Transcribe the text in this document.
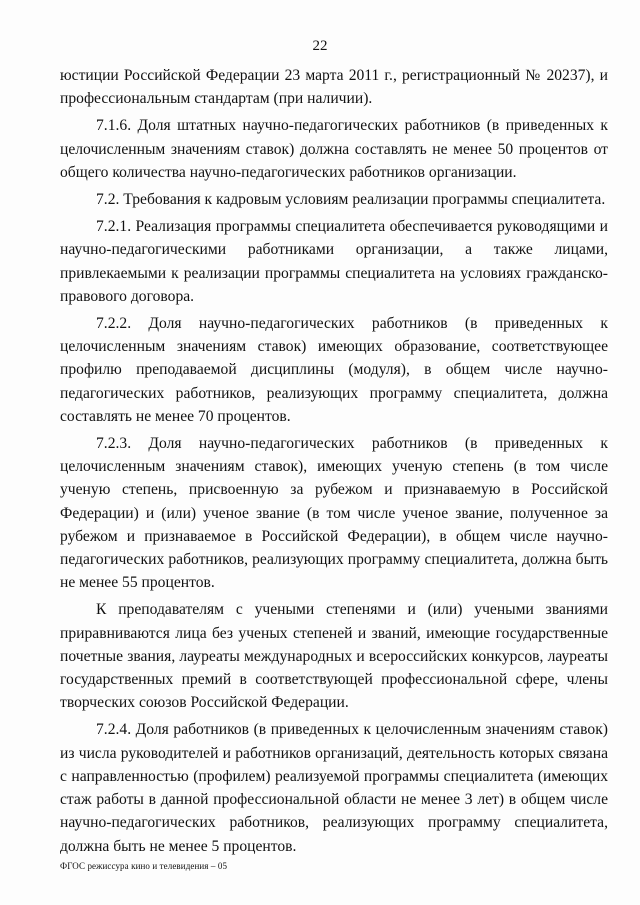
22

юстиции Российской Федерации 23 марта 2011 г., регистрационный № 20237), и профессиональным стандартам (при наличии).

7.1.6. Доля штатных научно-педагогических работников (в приведенных к целочисленным значениям ставок) должна составлять не менее 50 процентов от общего количества научно-педагогических работников организации.

7.2. Требования к кадровым условиям реализации программы специалитета.

7.2.1. Реализация программы специалитета обеспечивается руководящими и научно-педагогическими работниками организации, а также лицами, привлекаемыми к реализации программы специалитета на условиях гражданско-правового договора.

7.2.2. Доля научно-педагогических работников (в приведенных к целочисленным значениям ставок) имеющих образование, соответствующее профилю преподаваемой дисциплины (модуля), в общем числе научно-педагогических работников, реализующих программу специалитета, должна составлять не менее 70 процентов.

7.2.3. Доля научно-педагогических работников (в приведенных к целочисленным значениям ставок), имеющих ученую степень (в том числе ученую степень, присвоенную за рубежом и признаваемую в Российской Федерации) и (или) ученое звание (в том числе ученое звание, полученное за рубежом и признаваемое в Российской Федерации), в общем числе научно-педагогических работников, реализующих программу специалитета, должна быть не менее 55 процентов.

К преподавателям с учеными степенями и (или) учеными званиями приравниваются лица без ученых степеней и званий, имеющие государственные почетные звания, лауреаты международных и всероссийских конкурсов, лауреаты государственных премий в соответствующей профессиональной сфере, члены творческих союзов Российской Федерации.

7.2.4. Доля работников (в приведенных к целочисленным значениям ставок) из числа руководителей и работников организаций, деятельность которых связана с направленностью (профилем) реализуемой программы специалитета (имеющих стаж работы в данной профессиональной области не менее 3 лет) в общем числе научно-педагогических работников, реализующих программу специалитета, должна быть не менее 5 процентов.

ФГОС режиссура кино и телевидения – 05
